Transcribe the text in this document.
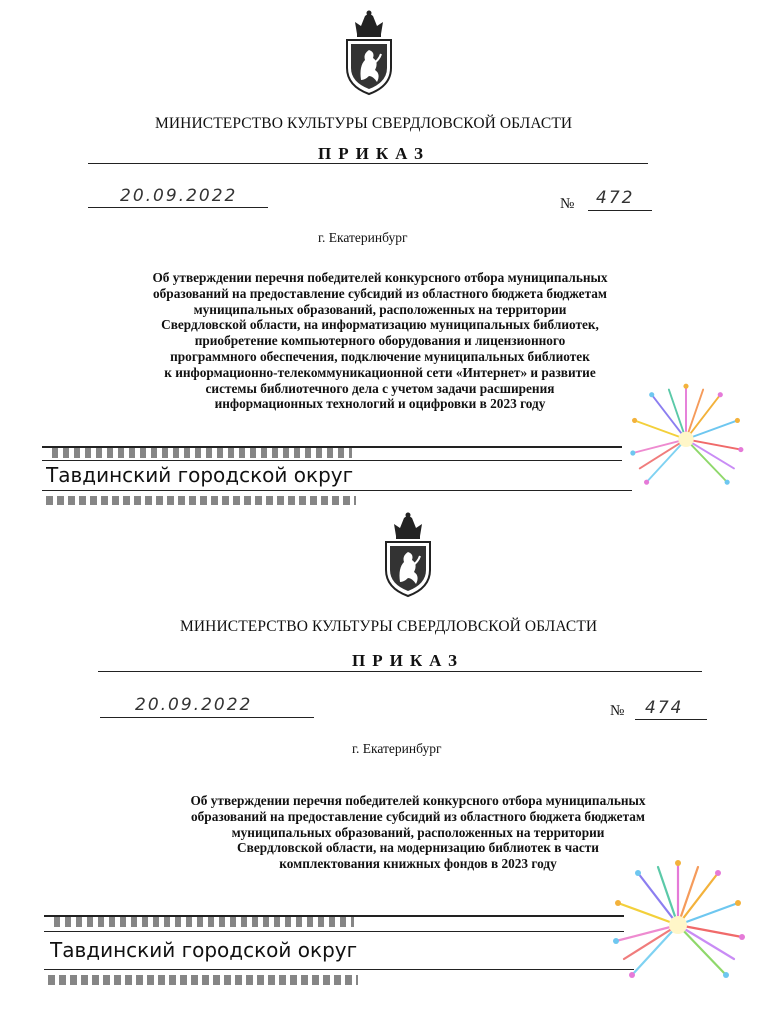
МИНИСТЕРСТВО КУЛЬТУРЫ СВЕРДЛОВСКОЙ ОБЛАСТИ
ПРИКАЗ
20.09.2022	№ 472
г. Екатеринбург
Об утверждении перечня победителей конкурсного отбора муниципальных
образований на предоставление субсидий из областного бюджета бюджетам
муниципальных образований, расположенных на территории
Свердловской области, на информатизацию муниципальных библиотек,
приобретение компьютерного оборудования и лицензионного
программного обеспечения, подключение муниципальных библиотек
к информационно-телекоммуникационной сети «Интернет» и развитие
системы библиотечного дела с учетом задачи расширения
информационных технологий и оцифровки в 2023 году
Тавдинский городской округ
МИНИСТЕРСТВО КУЛЬТУРЫ СВЕРДЛОВСКОЙ ОБЛАСТИ
ПРИКАЗ
20.09.2022	№ 474
г. Екатеринбург
Об утверждении перечня победителей конкурсного отбора муниципальных
образований на предоставление субсидий из областного бюджета бюджетам
муниципальных образований, расположенных на территории
Свердловской области, на модернизацию библиотек в части
комплектования книжных фондов в 2023 году
Тавдинский городской округ
